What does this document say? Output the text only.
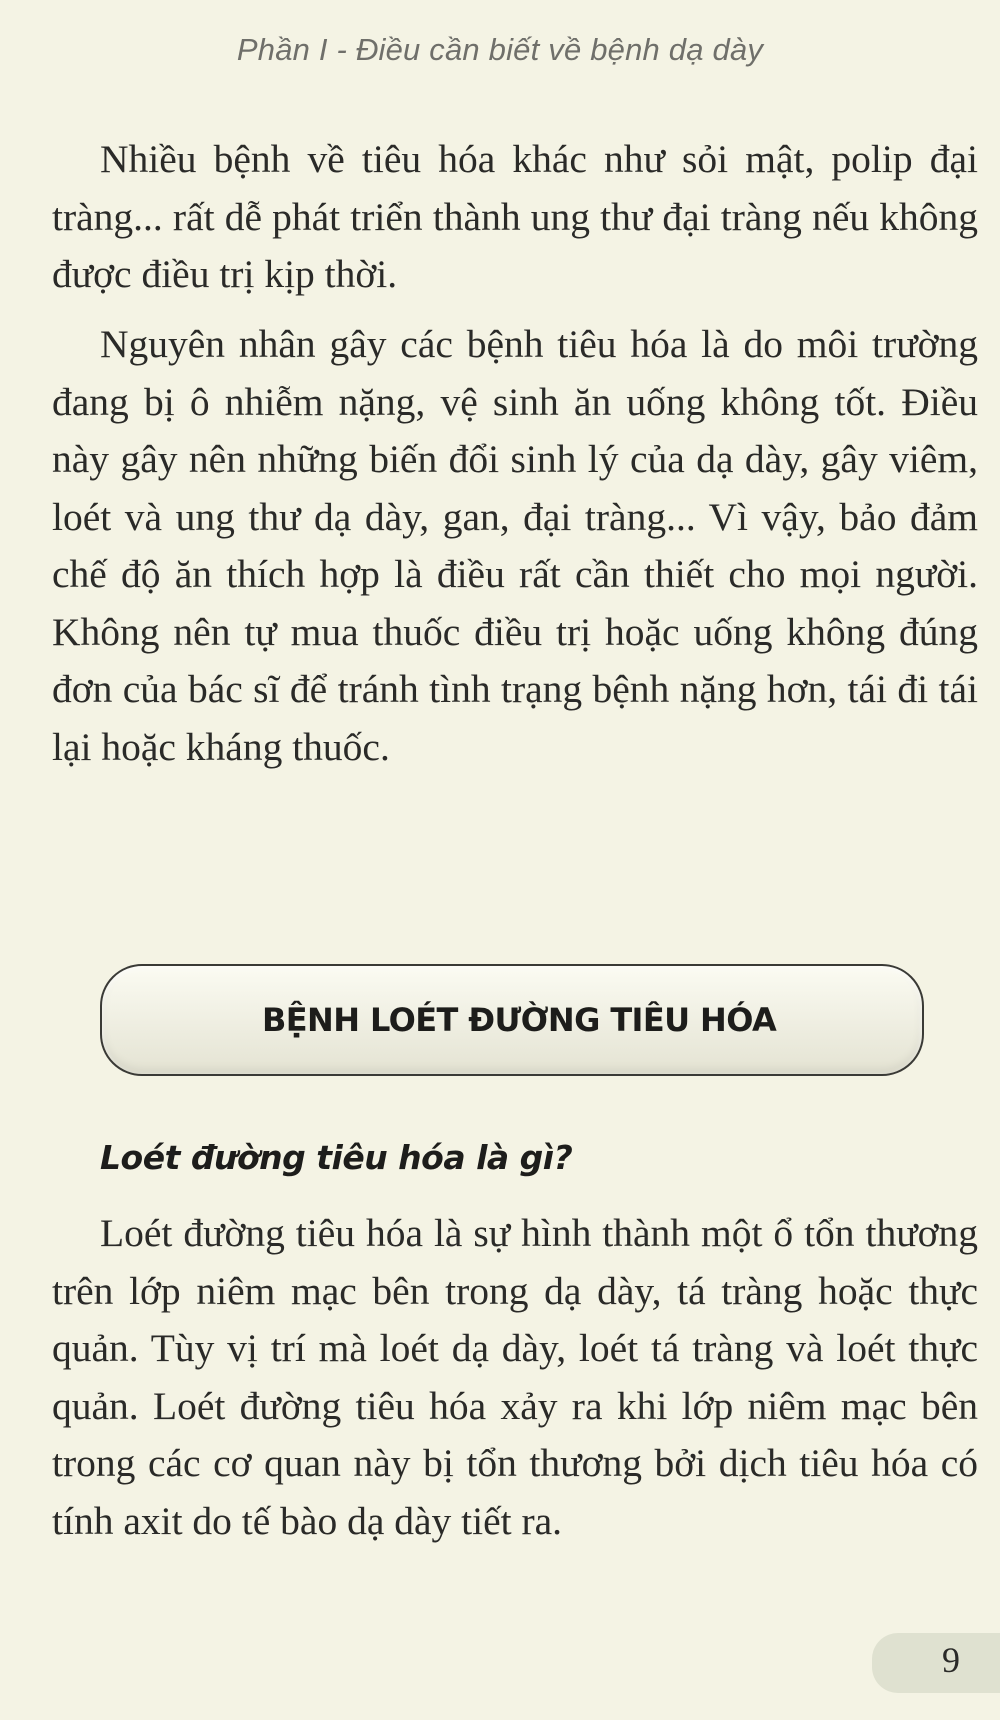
Phần I - Điều cần biết về bệnh dạ dày

Nhiều bệnh về tiêu hóa khác như sỏi mật, polip đại tràng... rất dễ phát triển thành ung thư đại tràng nếu không được điều trị kịp thời.

Nguyên nhân gây các bệnh tiêu hóa là do môi trường đang bị ô nhiễm nặng, vệ sinh ăn uống không tốt. Điều này gây nên những biến đổi sinh lý của dạ dày, gây viêm, loét và ung thư dạ dày, gan, đại tràng... Vì vậy, bảo đảm chế độ ăn thích hợp là điều rất cần thiết cho mọi người. Không nên tự mua thuốc điều trị hoặc uống không đúng đơn của bác sĩ để tránh tình trạng bệnh nặng hơn, tái đi tái lại hoặc kháng thuốc.

BỆNH LOÉT ĐƯỜNG TIÊU HÓA
Loét đường tiêu hóa là gì?

Loét đường tiêu hóa là sự hình thành một ổ tổn thương trên lớp niêm mạc bên trong dạ dày, tá tràng hoặc thực quản. Tùy vị trí mà loét dạ dày, loét tá tràng và loét thực quản. Loét đường tiêu hóa xảy ra khi lớp niêm mạc bên trong các cơ quan này bị tổn thương bởi dịch tiêu hóa có tính axit do tế bào dạ dày tiết ra.

9
